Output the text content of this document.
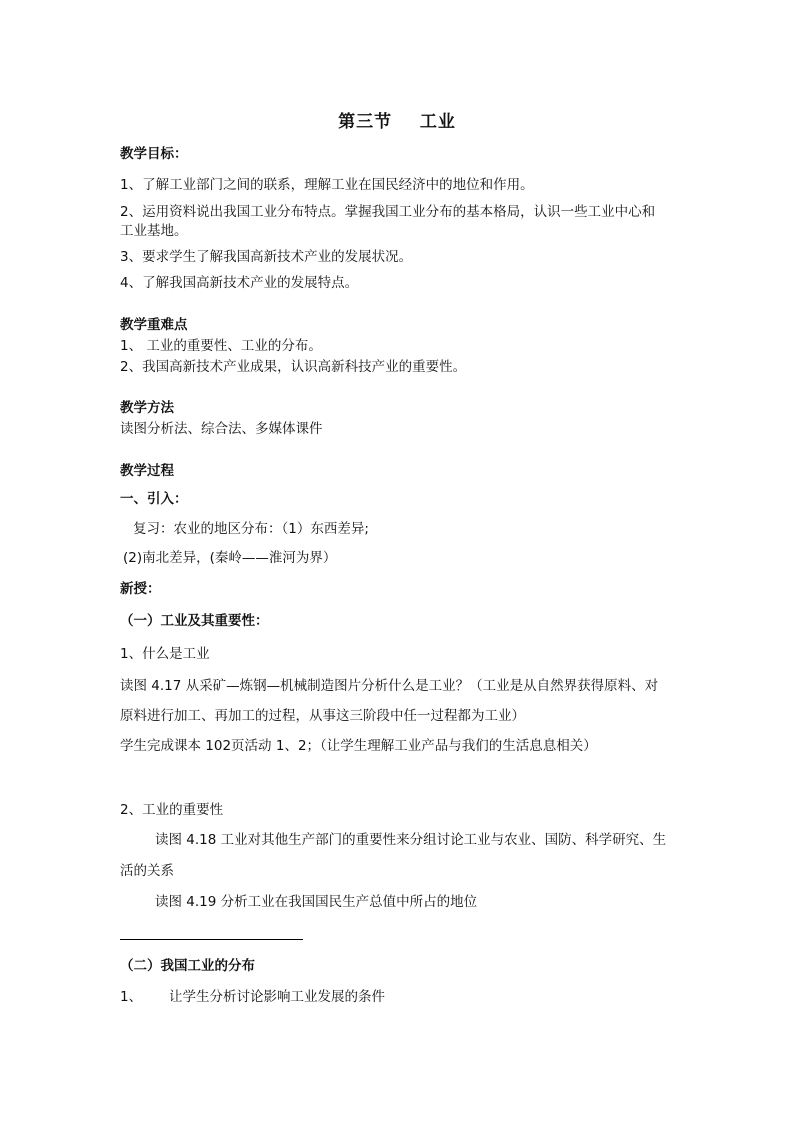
第三节    工业
教学目标：
1、了解工业部门之间的联系，理解工业在国民经济中的地位和作用。
2、运用资料说出我国工业分布特点。掌握我国工业分布的基本格局，认识一些工业中心和
工业基地。
3、要求学生了解我国高新技术产业的发展状况。
4、了解我国高新技术产业的发展特点。
教学重难点
1、 工业的重要性、工业的分布。
2、我国高新技术产业成果，认识高新科技产业的重要性。
教学方法
读图分析法、综合法、多媒体课件
教学过程
一、引入：
复习：农业的地区分布：（1）东西差异;
(2)南北差异，(秦岭——淮河为界）
新授：
（一）工业及其重要性：
1、什么是工业
读图 4.17 从采矿—炼钢—机械制造图片分析什么是工业？（工业是从自然界获得原料、对
原料进行加工、再加工的过程，从事这三阶段中任一过程都为工业）
学生完成课本 102页活动 1、2；（让学生理解工业产品与我们的生活息息相关）
2、工业的重要性
读图 4.18 工业对其他生产部门的重要性来分组讨论工业与农业、国防、科学研究、生
活的关系
读图 4.19 分析工业在我国国民生产总值中所占的地位
（二）我国工业的分布
1、	让学生分析讨论影响工业发展的条件
